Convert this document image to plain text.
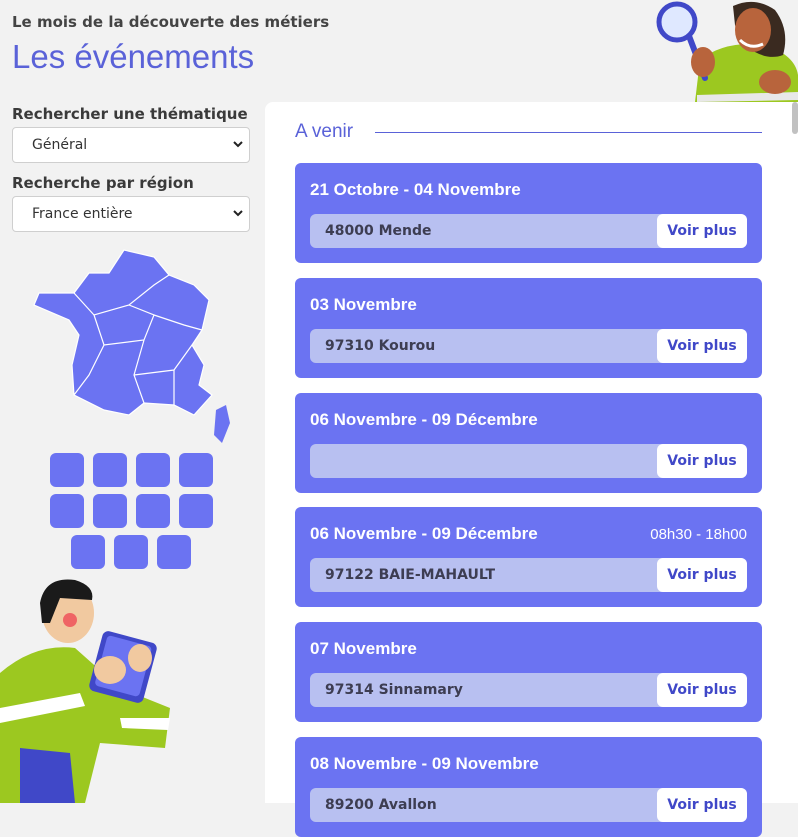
Le mois de la découverte des métiers
Les événements
Rechercher une thématique
Général
Recherche par région
France entière
A venir
21 Octobre - 04 Novembre
48000 Mende	Voir plus
03 Novembre
97310 Kourou	Voir plus
06 Novembre - 09 Décembre
Voir plus
06 Novembre - 09 Décembre	08h30 - 18h00
97122 BAIE-MAHAULT	Voir plus
07 Novembre
97314 Sinnamary	Voir plus
08 Novembre - 09 Novembre
89200 Avallon	Voir plus
